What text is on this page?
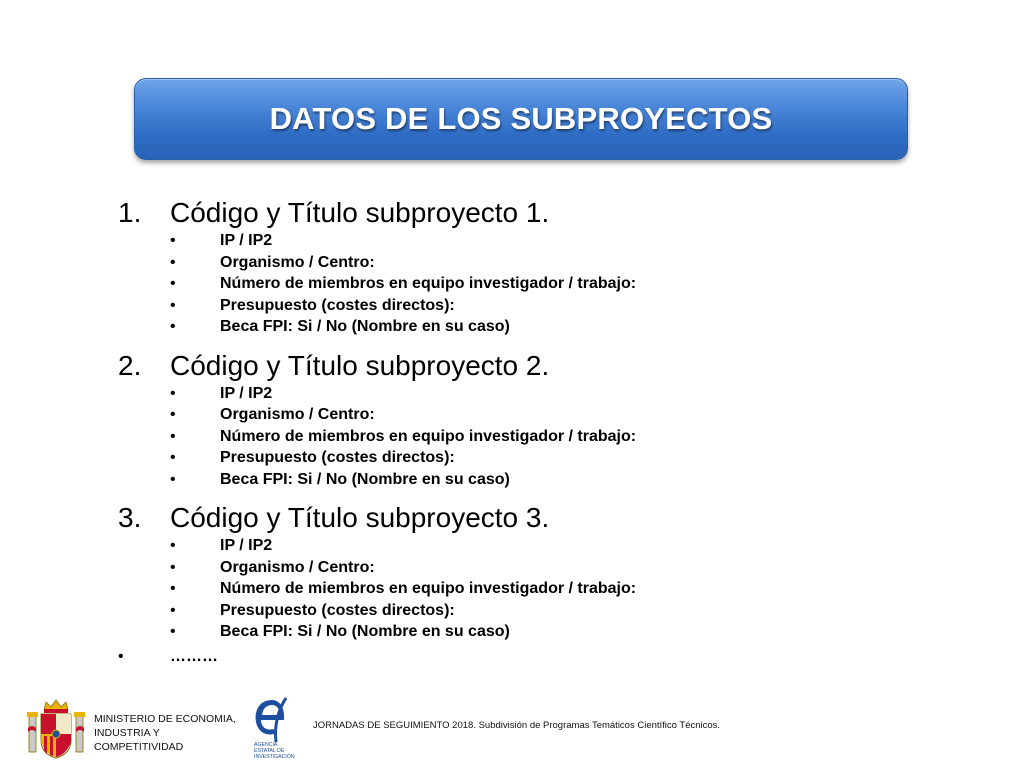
DATOS DE LOS SUBPROYECTOS
1.	Código y Título subproyecto 1.
•	IP / IP2
•	Organismo / Centro:
•	Número de miembros en equipo investigador / trabajo:
•	Presupuesto (costes directos):
•	Beca FPI: Si / No (Nombre en su caso)
2.	Código y Título subproyecto 2.
•	IP / IP2
•	Organismo / Centro:
•	Número de miembros en equipo investigador / trabajo:
•	Presupuesto (costes directos):
•	Beca FPI: Si / No (Nombre en su caso)
3.	Código y Título subproyecto 3.
•	IP / IP2
•	Organismo / Centro:
•	Número de miembros en equipo investigador / trabajo:
•	Presupuesto (costes directos):
•	Beca FPI: Si / No (Nombre en su caso)
•	………
MINISTERIO DE ECONOMIA,
INDUSTRIA Y
COMPETITIVIDAD	AGENCIA
ESTATAL DE
INVESTIGACIÓN
JORNADAS DE SEGUIMIENTO 2018. Subdivisión de Programas Temáticos Científico Técnicos.
